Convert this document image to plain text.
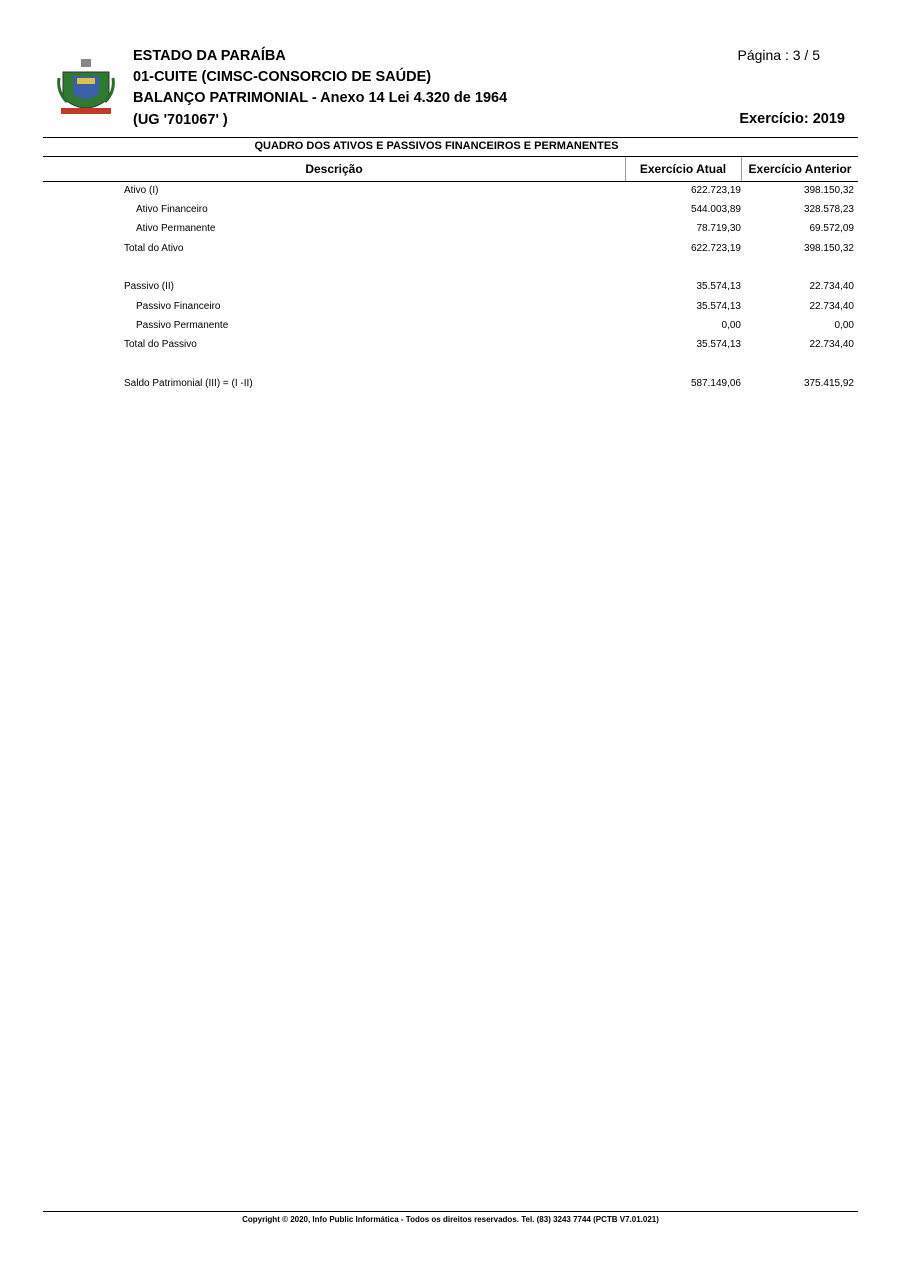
ESTADO DA PARAÍBA
01-CUITE (CIMSC-CONSORCIO DE SAÚDE)
BALANÇO PATRIMONIAL - Anexo 14 Lei 4.320 de 1964
(UG '701067' )
Página : 3 / 5
Exercício: 2019
QUADRO DOS ATIVOS E PASSIVOS FINANCEIROS E PERMANENTES
Descrição	Exercício Atual	Exercício Anterior
Ativo (I)	622.723,19	398.150,32
Ativo Financeiro	544.003,89	328.578,23
Ativo Permanente	78.719,30	69.572,09
Total do Ativo	622.723,19	398.150,32
Passivo (II)	35.574,13	22.734,40
Passivo Financeiro	35.574,13	22.734,40
Passivo Permanente	0,00	0,00
Total do Passivo	35.574,13	22.734,40
Saldo Patrimonial (III) = (I -II)	587.149,06	375.415,92
Copyright © 2020, Info Public Informática - Todos os direitos reservados. Tel. (83) 3243 7744 (PCTB V7.01.021)
